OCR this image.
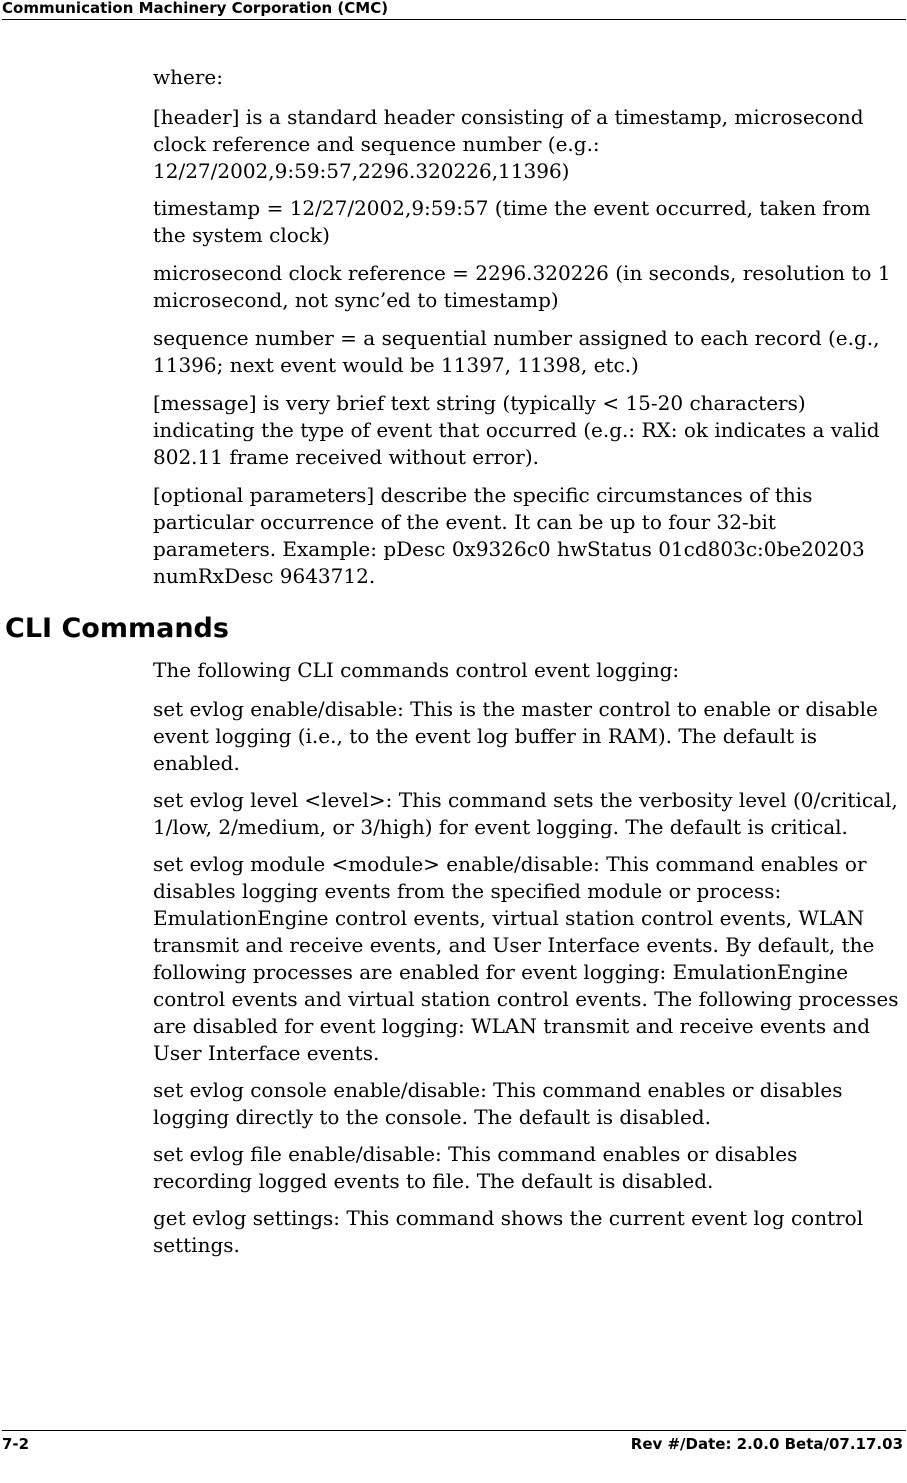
Communication Machinery Corporation (CMC)

where:

[header] is a standard header consisting of a timestamp, microsecond clock reference and sequence number (e.g.: 12/27/2002,9:59:57,2296.320226,11396)

timestamp = 12/27/2002,9:59:57 (time the event occurred, taken from the system clock)

microsecond clock reference = 2296.320226 (in seconds, resolution to 1 microsecond, not sync’ed to timestamp)

sequence number = a sequential number assigned to each record (e.g., 11396; next event would be 11397, 11398, etc.)

[message] is very brief text string (typically < 15-20 characters) indicating the type of event that occurred (e.g.: RX: ok indicates a valid 802.11 frame received without error).

[optional parameters] describe the specific circumstances of this particular occurrence of the event. It can be up to four 32-bit parameters. Example: pDesc 0x9326c0 hwStatus 01cd803c:0be20203 numRxDesc 9643712.

CLI Commands

The following CLI commands control event logging:

set evlog enable/disable: This is the master control to enable or disable event logging (i.e., to the event log buffer in RAM). The default is enabled.

set evlog level <level>: This command sets the verbosity level (0/critical, 1/low, 2/medium, or 3/high) for event logging. The default is critical.

set evlog module <module> enable/disable: This command enables or disables logging events from the specified module or process: EmulationEngine control events, virtual station control events, WLAN transmit and receive events, and User Interface events. By default, the following processes are enabled for event logging: EmulationEngine control events and virtual station control events. The following processes are disabled for event logging: WLAN transmit and receive events and User Interface events.

set evlog console enable/disable: This command enables or disables logging directly to the console. The default is disabled.

set evlog file enable/disable: This command enables or disables recording logged events to file. The default is disabled.

get evlog settings: This command shows the current event log control settings.

7-2	Rev #/Date: 2.0.0 Beta/07.17.03
